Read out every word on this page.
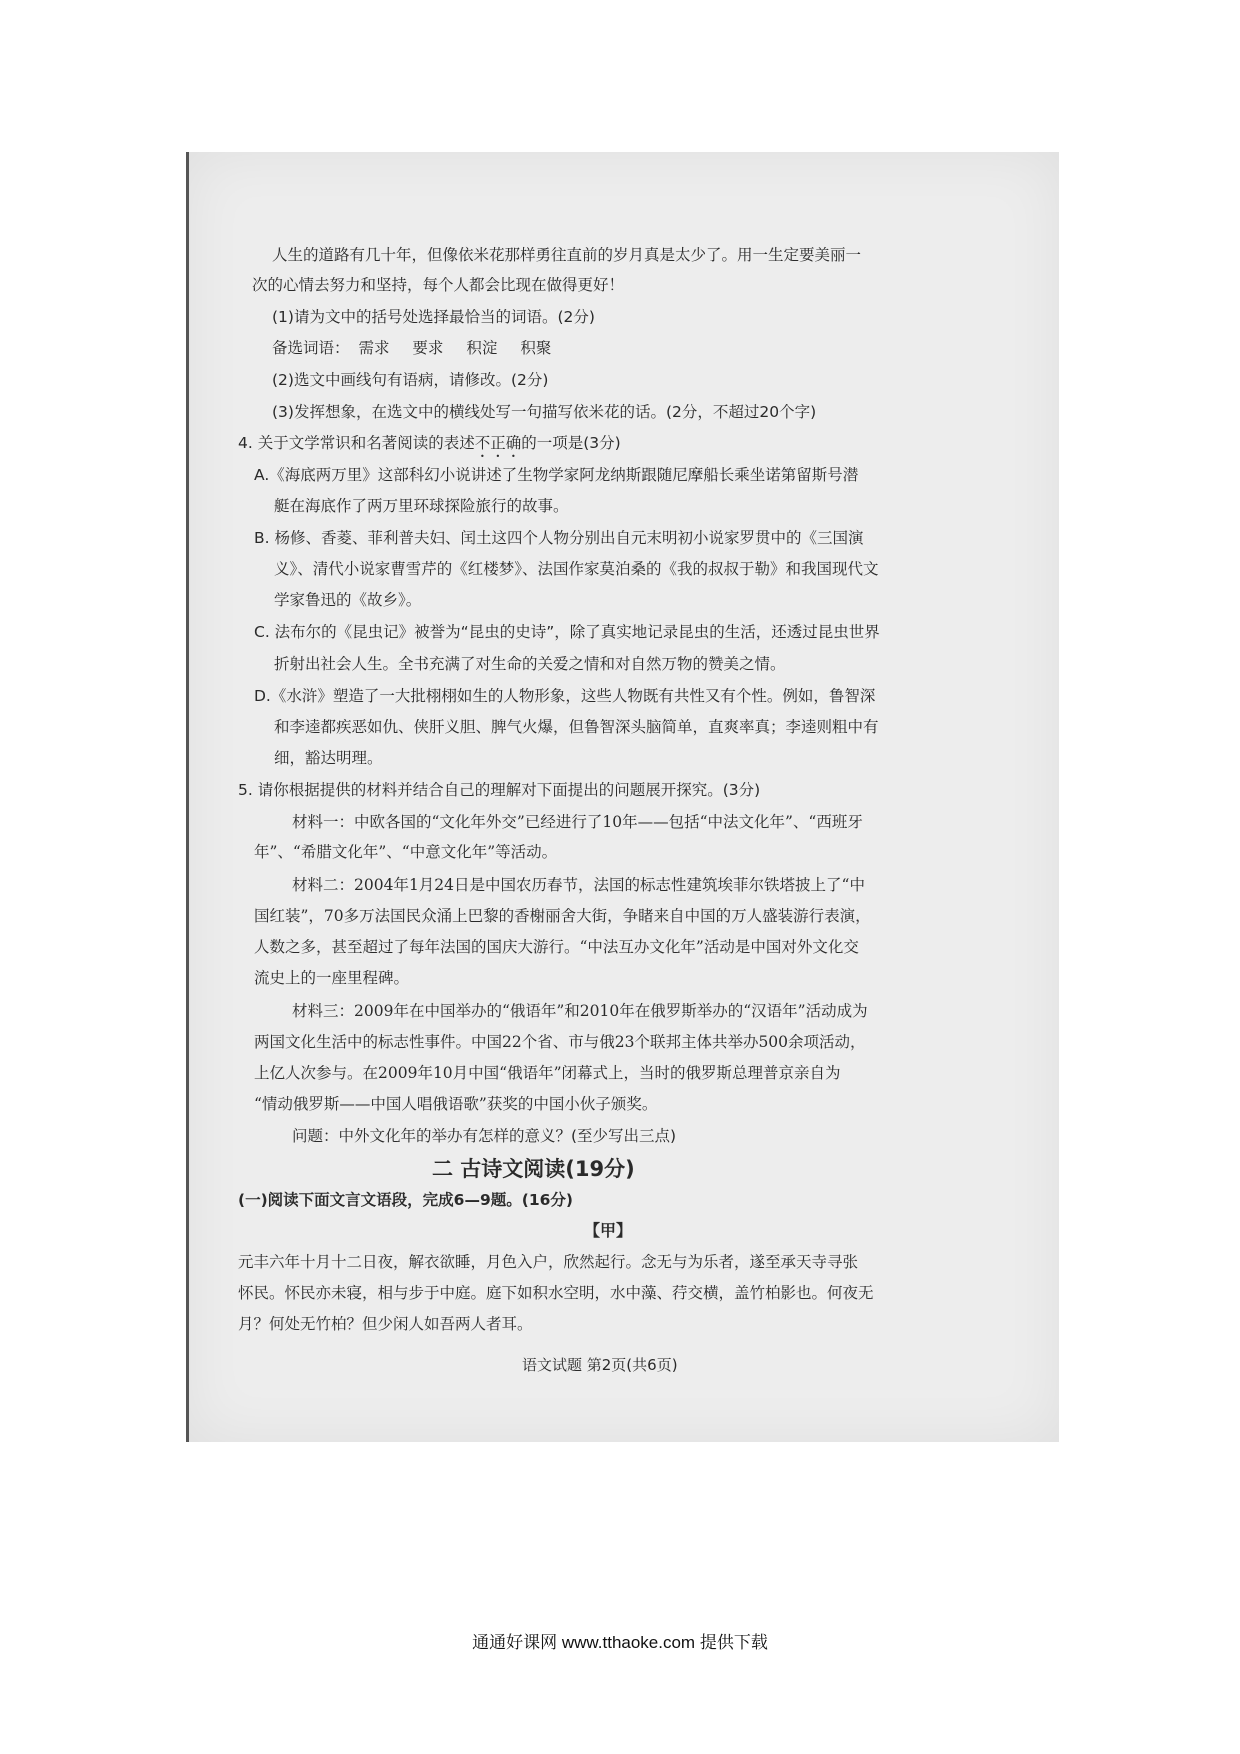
人生的道路有几十年，但像依米花那样勇往直前的岁月真是太少了。用一生定要美丽一
次的心情去努力和坚持，每个人都会比现在做得更好！
(1)请为文中的括号处选择最恰当的词语。(2分)
备选词语： 需求 要求 积淀 积聚
(2)选文中画线句有语病，请修改。(2分)
(3)发挥想象，在选文中的横线处写一句描写依米花的话。(2分，不超过20个字)
4. 关于文学常识和名著阅读的表述不正确的一项是(3分)
A.《海底两万里》这部科幻小说讲述了生物学家阿龙纳斯跟随尼摩船长乘坐诺第留斯号潜
艇在海底作了两万里环球探险旅行的故事。
B. 杨修、香菱、菲利普夫妇、闰土这四个人物分别出自元末明初小说家罗贯中的《三国演
义》、清代小说家曹雪芹的《红楼梦》、法国作家莫泊桑的《我的叔叔于勒》和我国现代文
学家鲁迅的《故乡》。
C. 法布尔的《昆虫记》被誉为“昆虫的史诗”，除了真实地记录昆虫的生活，还透过昆虫世界
折射出社会人生。全书充满了对生命的关爱之情和对自然万物的赞美之情。
D.《水浒》塑造了一大批栩栩如生的人物形象，这些人物既有共性又有个性。例如，鲁智深
和李逵都疾恶如仇、侠肝义胆、脾气火爆，但鲁智深头脑简单，直爽率真；李逵则粗中有
细，豁达明理。
5. 请你根据提供的材料并结合自己的理解对下面提出的问题展开探究。(3分)
材料一：中欧各国的“文化年外交”已经进行了10年——包括“中法文化年”、“西班牙
年”、“希腊文化年”、“中意文化年”等活动。
材料二：2004年1月24日是中国农历春节，法国的标志性建筑埃菲尔铁塔披上了“中
国红装”，70多万法国民众涌上巴黎的香榭丽舍大街，争睹来自中国的万人盛装游行表演，
人数之多，甚至超过了每年法国的国庆大游行。“中法互办文化年”活动是中国对外文化交
流史上的一座里程碑。
材料三：2009年在中国举办的“俄语年”和2010年在俄罗斯举办的“汉语年”活动成为
两国文化生活中的标志性事件。中国22个省、市与俄23个联邦主体共举办500余项活动，
上亿人次参与。在2009年10月中国“俄语年”闭幕式上，当时的俄罗斯总理普京亲自为
“情动俄罗斯——中国人唱俄语歌”获奖的中国小伙子颁奖。
问题：中外文化年的举办有怎样的意义？(至少写出三点)
二 古诗文阅读(19分)
(一)阅读下面文言文语段，完成6—9题。(16分)
【甲】
元丰六年十月十二日夜，解衣欲睡，月色入户，欣然起行。念无与为乐者，遂至承天寺寻张
怀民。怀民亦未寝，相与步于中庭。庭下如积水空明，水中藻、荇交横，盖竹柏影也。何夜无
月？何处无竹柏？但少闲人如吾两人者耳。
语文试题 第2页(共6页)
通通好课网 www.tthaoke.com 提供下载
